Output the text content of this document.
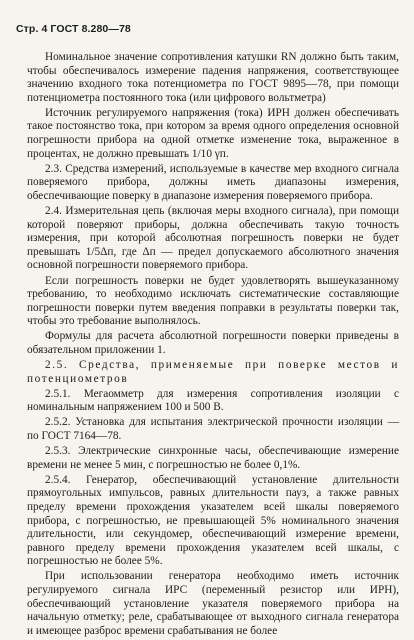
Стр. 4 ГОСТ 8.280—78

Номинальное значение сопротивления катушки RN должно быть таким, чтобы обеспечивалось измерение падения напряжения, соответствующее значению входного тока потенциометра по ГОСТ 9895—78, при помощи потенциометра постоянного тока (или цифрового вольтметра)

Источник регулируемого напряжения (тока) ИРН должен обеспечивать такое постоянство тока, при котором за время одного определения основной погрешности прибора на одной отметке изменение тока, выраженное в процентах, не должно превышать 1/10 γп.

2.3. Средства измерений, используемые в качестве мер входного сигнала поверяемого прибора, должны иметь диапазоны измерения, обеспечивающие поверку в диапазоне измерения поверяемого прибора.

2.4. Измерительная цепь (включая меры входного сигнала), при помощи которой поверяют приборы, должна обеспечивать такую точность измерения, при которой абсолютная погрешность поверки не будет превышать 1/5Δп, где Δп — предел допускаемого абсолютного значения основной погрешности поверяемого прибора.

Если погрешность поверки не будет удовлетворять вышеуказанному требованию, то необходимо исключать систематические составляющие погрешности поверки путем введения поправки в результаты поверки так, чтобы это требование выполнялось.

Формулы для расчета абсолютной погрешности поверки приведены в обязательном приложении 1.

2.5. Средства, применяемые при поверке местов и потенциометров

2.5.1. Мегаомметр для измерения сопротивления изоляции с номинальным напряжением 100 и 500 В.

2.5.2. Установка для испытания электрической прочности изоляции — по ГОСТ 7164—78.

2.5.3. Электрические синхронные часы, обеспечивающие измерение времени не менее 5 мин, с погрешностью не более 0,1%.

2.5.4. Генератор, обеспечивающий установление длительности прямоугольных импульсов, равных длительности пауз, а также равных пределу времени прохождения указателем всей шкалы поверяемого прибора, с погрешностью, не превышающей 5% номинального значения длительности, или секундомер, обеспечивающий измерение времени, равного пределу времени прохождения указателем всей шкалы, с погрешностью не более 5%.

При использовании генератора необходимо иметь источник регулируемого сигнала ИРС (переменный резистор или ИРН), обеспечивающий установление указателя поверяемого прибора на начальную отметку; реле, срабатывающее от выходного сигнала генератора и имеющее разброс времени срабатывания не более
